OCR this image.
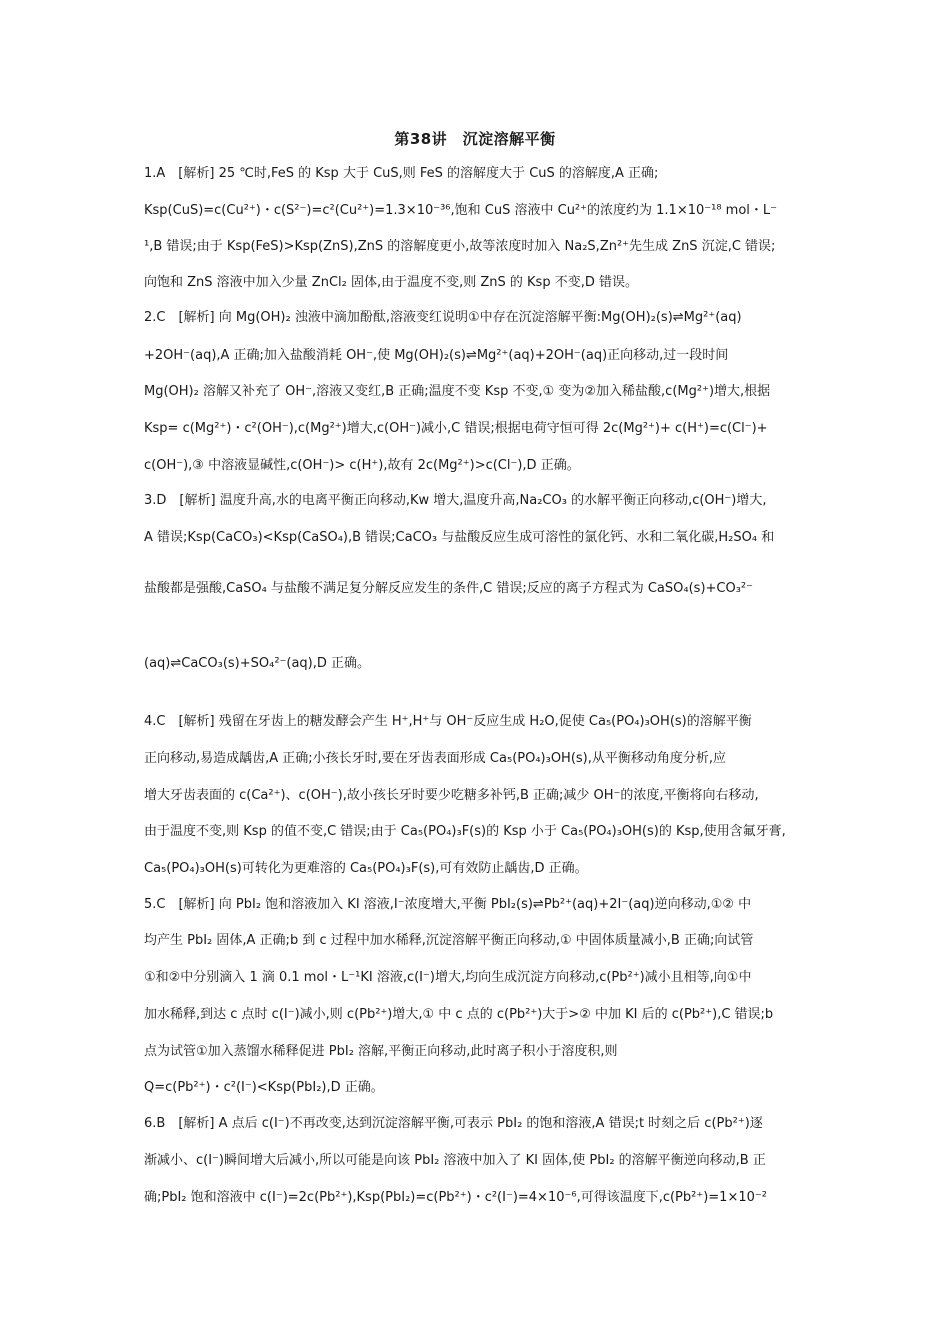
第38讲　沉淀溶解平衡
1.A　[解析] 25 ℃时,FeS 的 Ksp 大于 CuS,则 FeS 的溶解度大于 CuS 的溶解度,A 正确;
Ksp(CuS)=c(Cu²⁺)・c(S²⁻)=c²(Cu²⁺)=1.3×10⁻³⁶,饱和 CuS 溶液中 Cu²⁺的浓度约为 1.1×10⁻¹⁸ mol・L⁻
¹,B 错误;由于 Ksp(FeS)>Ksp(ZnS),ZnS 的溶解度更小,故等浓度时加入 Na₂S,Zn²⁺先生成 ZnS 沉淀,C 错误;
向饱和 ZnS 溶液中加入少量 ZnCl₂ 固体,由于温度不变,则 ZnS 的 Ksp 不变,D 错误。
2.C　[解析] 向 Mg(OH)₂ 浊液中滴加酚酞,溶液变红说明①中存在沉淀溶解平衡:Mg(OH)₂(s)⇌Mg²⁺(aq)
+2OH⁻(aq),A 正确;加入盐酸消耗 OH⁻,使 Mg(OH)₂(s)⇌Mg²⁺(aq)+2OH⁻(aq)正向移动,过一段时间
Mg(OH)₂ 溶解又补充了 OH⁻,溶液又变红,B 正确;温度不变 Ksp 不变,① 变为②加入稀盐酸,c(Mg²⁺)增大,根据
Ksp= c(Mg²⁺)・c²(OH⁻),c(Mg²⁺)增大,c(OH⁻)减小,C 错误;根据电荷守恒可得 2c(Mg²⁺)+ c(H⁺)=c(Cl⁻)+
c(OH⁻),③ 中溶液显碱性,c(OH⁻)> c(H⁺),故有 2c(Mg²⁺)>c(Cl⁻),D 正确。
3.D　[解析] 温度升高,水的电离平衡正向移动,Kw 增大,温度升高,Na₂CO₃ 的水解平衡正向移动,c(OH⁻)增大,
A 错误;Ksp(CaCO₃)<Ksp(CaSO₄),B 错误;CaCO₃ 与盐酸反应生成可溶性的氯化钙、水和二氧化碳,H₂SO₄ 和
盐酸都是强酸,CaSO₄ 与盐酸不满足复分解反应发生的条件,C 错误;反应的离子方程式为 CaSO₄(s)+CO₃²⁻
(aq)⇌CaCO₃(s)+SO₄²⁻(aq),D 正确。
4.C　[解析] 残留在牙齿上的糖发酵会产生 H⁺,H⁺与 OH⁻反应生成 H₂O,促使 Ca₅(PO₄)₃OH(s)的溶解平衡
正向移动,易造成龋齿,A 正确;小孩长牙时,要在牙齿表面形成 Ca₅(PO₄)₃OH(s),从平衡移动角度分析,应
增大牙齿表面的 c(Ca²⁺)、c(OH⁻),故小孩长牙时要少吃糖多补钙,B 正确;减少 OH⁻的浓度,平衡将向右移动,
由于温度不变,则 Ksp 的值不变,C 错误;由于 Ca₅(PO₄)₃F(s)的 Ksp 小于 Ca₅(PO₄)₃OH(s)的 Ksp,使用含氟牙膏,
Ca₅(PO₄)₃OH(s)可转化为更难溶的 Ca₅(PO₄)₃F(s),可有效防止龋齿,D 正确。
5.C　[解析] 向 PbI₂ 饱和溶液加入 KI 溶液,I⁻浓度增大,平衡 PbI₂(s)⇌Pb²⁺(aq)+2I⁻(aq)逆向移动,①② 中
均产生 PbI₂ 固体,A 正确;b 到 c 过程中加水稀释,沉淀溶解平衡正向移动,① 中固体质量减小,B 正确;向试管
①和②中分别滴入 1 滴 0.1 mol・L⁻¹KI 溶液,c(I⁻)增大,均向生成沉淀方向移动,c(Pb²⁺)减小且相等,向①中
加水稀释,到达 c 点时 c(I⁻)减小,则 c(Pb²⁺)增大,① 中 c 点的 c(Pb²⁺)大于>② 中加 KI 后的 c(Pb²⁺),C 错误;b
点为试管①加入蒸馏水稀释促进 PbI₂ 溶解,平衡正向移动,此时离子积小于溶度积,则
Q=c(Pb²⁺)・c²(I⁻)<Ksp(PbI₂),D 正确。
6.B　[解析] A 点后 c(I⁻)不再改变,达到沉淀溶解平衡,可表示 PbI₂ 的饱和溶液,A 错误;t 时刻之后 c(Pb²⁺)逐
渐减小、c(I⁻)瞬间增大后减小,所以可能是向该 PbI₂ 溶液中加入了 KI 固体,使 PbI₂ 的溶解平衡逆向移动,B 正
确;PbI₂ 饱和溶液中 c(I⁻)=2c(Pb²⁺),Ksp(PbI₂)=c(Pb²⁺)・c²(I⁻)=4×10⁻⁶,可得该温度下,c(Pb²⁺)=1×10⁻²
